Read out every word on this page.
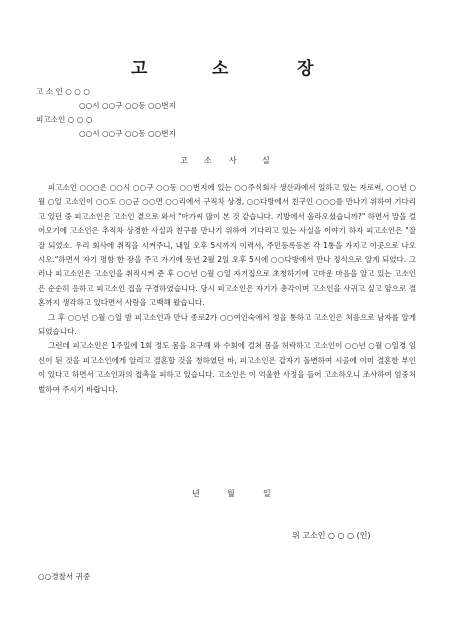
고	소	장
고 소 인 ○ ○ ○
○○시 ○○구 ○○동 ○○번지
피고소인 ○ ○ ○
○○시 ○○구 ○○동 ○○번지
고 소 사	실

피고소인 ○○○은 ○○시 ○○구 ○○동 ○○번지에 있는 ○○주식회사 생산과에서 일하고 있는 자로써, ○○년 ○월 ○일 고소인이 ○○도 ○○군 ○○면 ○○리에서 구직차 상경, ○○다방에서 친구인 ○○○를 만나기 위하여 기다리고 있던 중 피고소인은 고소인 곁으로 와서 "아가씨 많이 본 것 같습니다. 기방에서 올라오셨습니까?" 하면서 말을 걸어오기에 고소인은 추직차 상경한 사실과 친구를 만나기 위하여 기다리고 있는 사실을 이야기 하자 피고소인은 "잘 잘 되었소. 우리 회사에 취직을 시켜주니, 내일 오후 5시까지 이력서, 주민등록등본 각 1통을 가지고 이곳으로 나오시오."하면서 자기 명함 한 장을 주고 가기에 동년 2월 2일 오후 5시에 ○○다방에서 만나 정식으로 알게 되었다. 그러나 피고소인은 고소인을 취직시켜 준 후 ○○년 ○월 ○일 자기집으로 초청하기에 고마운 마음을 알고 있는 고소인은 순순히 응하고 피고소인 집을 구경하였습니다. 당시 피고소인은 자기가 총각이며 고소인을 사귀고 싶고 앞으로 결혼까지 생각하고 있다면서 사랑을 고백해 왔습니다.

그 후 ○○년 ○월 ○일 밤 피고소인과 만나 종로2가 ○○여인숙에서 정을 통하고 고소인은 처음으로 남자를 알게 되었습니다.

그런데 피고소인은 1주일에 1회 정도 몸을 요구해 와 수회에 걸쳐 몸을 허락하고 고소인이 ○○년 ○월 ○일경 임신이 된 것을 피고소인에게 알리고 결혼할 것을 청하였던 바, 피고소인은 갑자기 돌변하여 시골에 이미 결혼한 부인이 있다고 하면서 고소인과의 접촉을 피하고 있습니다. 고소인은 이 억울한 사정을 들어 고소하오니 조사하여 엄중처벌하여 주시기 바랍니다.

년	월	일
위 고소인 ○ ○ ○ (인)
○○경찰서 귀중
